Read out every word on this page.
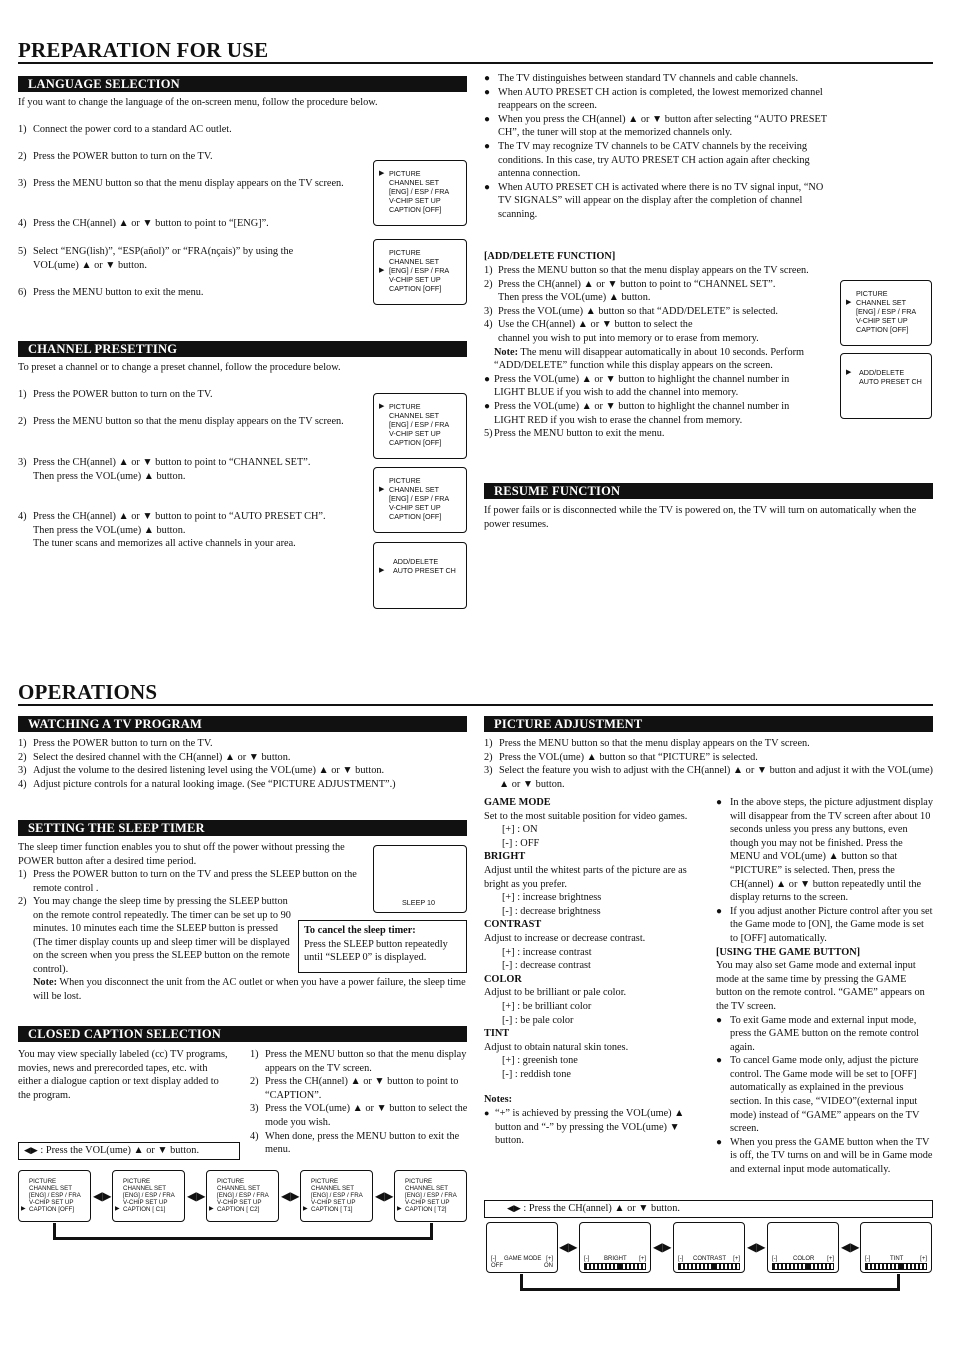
PREPARATION FOR USE
LANGUAGE SELECTION
If you want to change the language of the on-screen menu, follow the procedure below.
1) Connect the power cord to a standard AC outlet.
2) Press the POWER button to turn on the TV.
3) Press the MENU button so that the menu display appears on the TV screen.
4) Press the CH(annel) ▲ or ▼ button to point to “[ENG]”.
5) Select “ENG(lish)”, “ESP(añol)” or “FRA(nçais)” by using the VOL(ume) ▲ or ▼ button.
6) Press the MENU button to exit the menu.
▶ PICTURE
CHANNEL SET
[ENG] / ESP / FRA
V-CHIP SET UP
CAPTION [OFF]
PICTURE
CHANNEL SET
▶ [ENG] / ESP / FRA
V-CHIP SET UP
CAPTION [OFF]
CHANNEL PRESETTING
To preset a channel or to change a preset channel, follow the procedure below.
1) Press the POWER button to turn on the TV.
2) Press the MENU button so that the menu display appears on the TV screen.
3) Press the CH(annel) ▲ or ▼ button to point to “CHANNEL SET”.
Then press the VOL(ume) ▲ button.
4) Press the CH(annel) ▲ or ▼ button to point to “AUTO PRESET CH”.
Then press the VOL(ume) ▲ button.
The tuner scans and memorizes all active channels in your area.
▶ PICTURE
CHANNEL SET
[ENG] / ESP / FRA
V-CHIP SET UP
CAPTION [OFF]
PICTURE
▶ CHANNEL SET
[ENG] / ESP / FRA
V-CHIP SET UP
CAPTION [OFF]
ADD/DELETE
▶ AUTO PRESET CH
● The TV distinguishes between standard TV channels and cable channels.
● When AUTO PRESET CH action is completed, the lowest memorized channel reappears on the screen.
● When you press the CH(annel) ▲ or ▼ button after selecting “AUTO PRESET CH”, the tuner will stop at the memorized channels only.
● The TV may recognize TV channels to be CATV channels by the receiving conditions. In this case, try AUTO PRESET CH action again after checking antenna connection.
● When AUTO PRESET CH is activated where there is no TV signal input, “NO TV SIGNALS” will appear on the display after the completion of channel scanning.
[ADD/DELETE FUNCTION]
1) Press the MENU button so that the menu display appears on the TV screen.
2) Press the CH(annel) ▲ or ▼ button to point to “CHANNEL SET”.
Then press the VOL(ume) ▲ button.
3) Press the VOL(ume) ▲ button so that “ADD/DELETE” is selected.
4) Use the CH(annel) ▲ or ▼ button to select the
channel you wish to put into memory or to erase from memory.
Note: The menu will disappear automatically in about 10 seconds. Perform “ADD/DELETE” function while this display appears on the screen.
● Press the VOL(ume) ▲ or ▼ button to highlight the channel number in LIGHT BLUE if you wish to add the channel into memory.
● Press the VOL(ume) ▲ or ▼ button to highlight the channel number in LIGHT RED if you wish to erase the channel from memory.
5) Press the MENU button to exit the menu.
PICTURE
▶ CHANNEL SET
[ENG] / ESP / FRA
V-CHIP SET UP
CAPTION [OFF]
▶ ADD/DELETE
AUTO PRESET CH
RESUME FUNCTION
If power fails or is disconnected while the TV is powered on, the TV will turn on automatically when the power resumes.
OPERATIONS
WATCHING A TV PROGRAM
1) Press the POWER button to turn on the TV.
2) Select the desired channel with the CH(annel) ▲ or ▼ button.
3) Adjust the volume to the desired listening level using the VOL(ume) ▲ or ▼ button.
4) Adjust picture controls for a natural looking image. (See “PICTURE ADJUSTMENT”.)
SETTING THE SLEEP TIMER
The sleep timer function enables you to shut off the power without pressing the POWER button after a desired time period.
1) Press the POWER button to turn on the TV and press the SLEEP button on the remote control .
2) You may change the sleep time by pressing the SLEEP button on the remote control repeatedly. The timer can be set up to 90 minutes. 10 minutes each time the SLEEP button is pressed (The timer display counts up and sleep timer will be displayed on the screen when you press the SLEEP button on the remote control).
Note: When you disconnect the unit from the AC outlet or when you have a power failure, the sleep time will be lost.
SLEEP 10
To cancel the sleep timer:
Press the SLEEP button repeatedly until “SLEEP 0” is displayed.
CLOSED CAPTION SELECTION
You may view specially labeled (cc) TV programs, movies, news and prerecorded tapes, etc. with either a dialogue caption or text display added to the program.
1) Press the MENU button so that the menu display appears on the TV screen.
2) Press the CH(annel) ▲ or ▼ button to point to “CAPTION”.
3) Press the VOL(ume) ▲ or ▼ button to select the mode you wish.
4) When done, press the MENU button to exit the menu.
◀▶ : Press the VOL(ume) ▲ or ▼ button.
PICTURE
CHANNEL SET
[ENG] / ESP / FRA
V-CHIP SET UP
▶ CAPTION [OFF]
◀▶
PICTURE
CHANNEL SET
[ENG] / ESP / FRA
V-CHIP SET UP
▶ CAPTION [ C1]
◀▶
PICTURE
CHANNEL SET
[ENG] / ESP / FRA
V-CHIP SET UP
▶ CAPTION [ C2]
◀▶
PICTURE
CHANNEL SET
[ENG] / ESP / FRA
V-CHIP SET UP
▶ CAPTION [ T1]
◀▶
PICTURE
CHANNEL SET
[ENG] / ESP / FRA
V-CHIP SET UP
▶ CAPTION [ T2]
PICTURE ADJUSTMENT
1) Press the MENU button so that the menu display appears on the TV screen.
2) Press the VOL(ume) ▲ button so that “PICTURE” is selected.
3) Select the feature you wish to adjust with the CH(annel) ▲ or ▼ button and adjust it with the VOL(ume) ▲ or ▼ button.
GAME MODE
Set to the most suitable position for video games.
[+] : ON
[-] : OFF
BRIGHT
Adjust until the whitest parts of the picture are as bright as you prefer.
[+] : increase brightness
[-] : decrease brightness
CONTRAST
Adjust to increase or decrease contrast.
[+] : increase contrast
[-] : decrease contrast
COLOR
Adjust to be brilliant or pale color.
[+] : be brilliant color
[-] : be pale color
TINT
Adjust to obtain natural skin tones.
[+] : greenish tone
[-] : reddish tone
Notes:
● “+” is achieved by pressing the VOL(ume) ▲ button and “-” by pressing the VOL(ume) ▼ button.
● In the above steps, the picture adjustment display will disappear from the TV screen after about 10 seconds unless you press any buttons, even though you may not be finished. Press the MENU and VOL(ume) ▲ button so that “PICTURE” is selected. Then, press the CH(annel) ▲ or ▼ button repeatedly until the display returns to the screen.
● If you adjust another Picture control after you set the Game mode to [ON], the Game mode is set to [OFF] automatically.
[USING THE GAME BUTTON]
You may also set Game mode and external input mode at the same time by pressing the GAME button on the remote control. “GAME” appears on the TV screen.
● To exit Game mode and external input mode, press the GAME button on the remote control again.
● To cancel Game mode only, adjust the picture control. The Game mode will be set to [OFF] automatically as explained in the previous section. In this case, “VIDEO”(external input mode) instead of “GAME” appears on the TV screen.
● When you press the GAME button when the TV is off, the TV turns on and will be in Game mode and external input mode automatically.
◀▶ : Press the CH(annel) ▲ or ▼ button.
[-] GAME MODE [+]
OFF	ON
◀▶
[-] BRIGHT [+]
◀▶
[-] CONTRAST [+]
◀▶
[-]	COLOR [+]
◀▶
[-]	TINT	[+]
